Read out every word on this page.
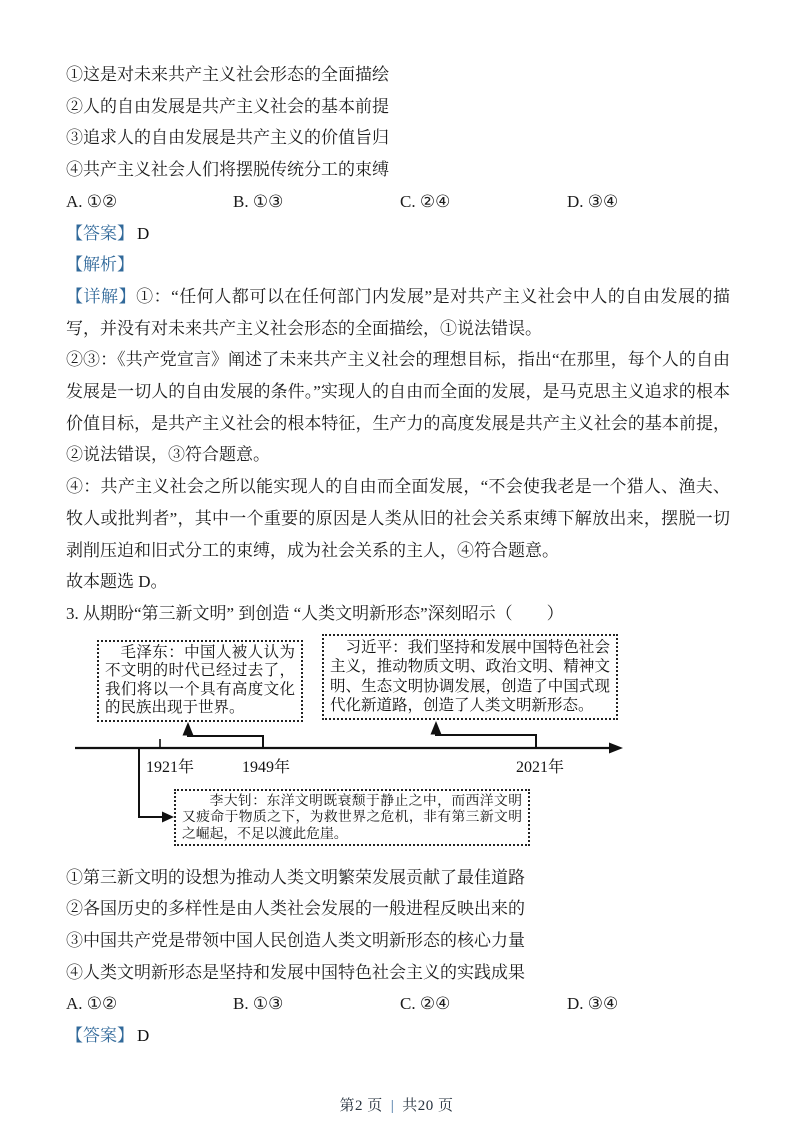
①这是对未来共产主义社会形态的全面描绘
②人的自由发展是共产主义社会的基本前提
③追求人的自由发展是共产主义的价值旨归
④共产主义社会人们将摆脱传统分工的束缚
A. ①②	B. ①③	C. ②④	D. ③④
【答案】 D
【解析】
【详解】①：“任何人都可以在任何部门内发展”是对共产主义社会中人的自由发展的描写，并没有对未来共产主义社会形态的全面描绘，①说法错误。
②③：《共产党宣言》阐述了未来共产主义社会的理想目标，指出“在那里，每个人的自由发展是一切人的自由发展的条件。”实现人的自由而全面的发展，是马克思主义追求的根本价值目标，是共产主义社会的根本特征，生产力的高度发展是共产主义社会的基本前提，②说法错误，③符合题意。
④：共产主义社会之所以能实现人的自由而全面发展，“不会使我老是一个猎人、渔夫、牧人或批判者”，其中一个重要的原因是人类从旧的社会关系束缚下解放出来，摆脱一切剥削压迫和旧式分工的束缚，成为社会关系的主人，④符合题意。
故本题选 D。
3. 从期盼“第三新文明” 到创造 “人类文明新形态”深刻昭示（　　）
毛泽东：中国人被人认为不文明的时代已经过去了，我们将以一个具有高度文化的民族出现于世界。
习近平：我们坚持和发展中国特色社会主义，推动物质文明、政治文明、精神文明、生态文明协调发展，创造了中国式现代化新道路，创造了人类文明新形态。
李大钊：东洋文明既衰颓于静止之中，而西洋文明又疲命于物质之下，为救世界之危机，非有第三新文明之崛起，不足以渡此危崖。
1921年	1949年	2021年
①第三新文明的设想为推动人类文明繁荣发展贡献了最佳道路
②各国历史的多样性是由人类社会发展的一般进程反映出来的
③中国共产党是带领中国人民创造人类文明新形态的核心力量
④人类文明新形态是坚持和发展中国特色社会主义的实践成果
A. ①②	B. ①③	C. ②④	D. ③④
【答案】 D
第2 页 | 共20 页
